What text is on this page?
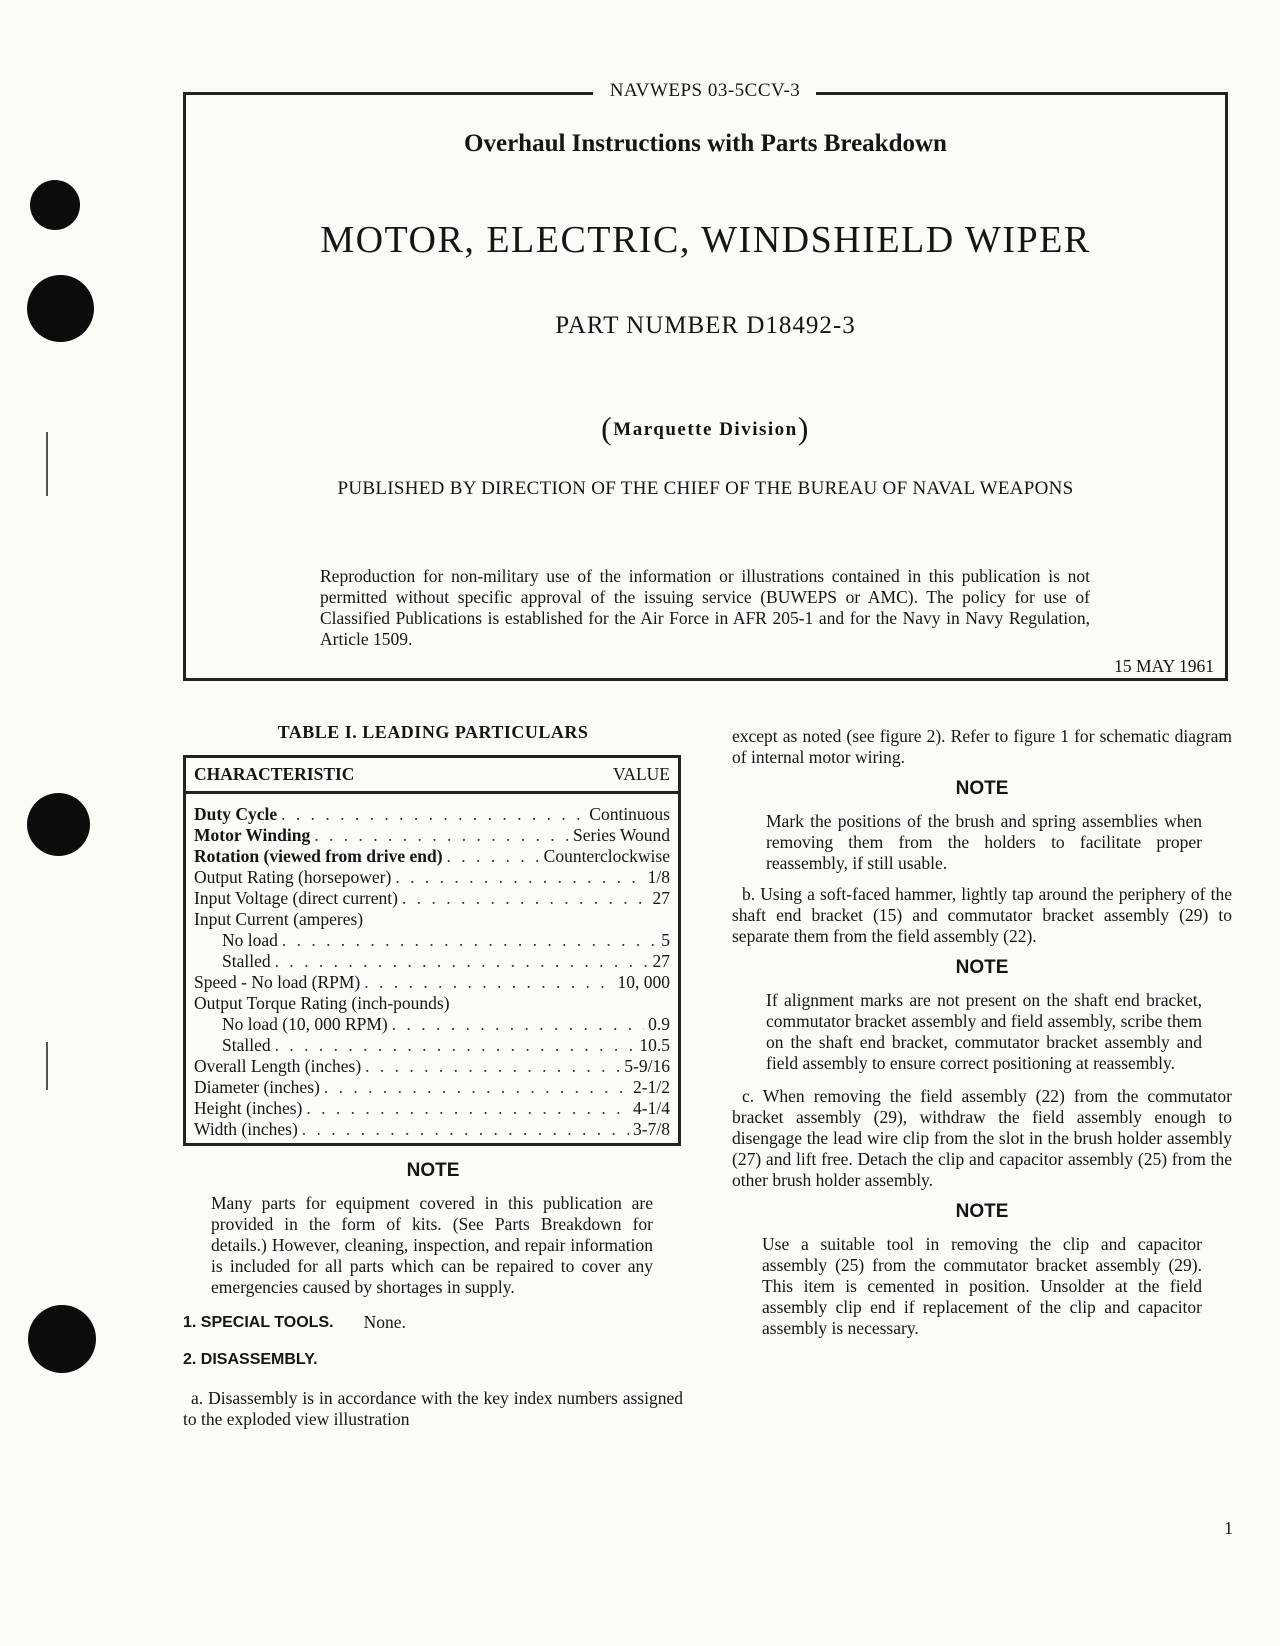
NAVWEPS 03-5CCV-3
Overhaul Instructions with Parts Breakdown
MOTOR, ELECTRIC, WINDSHIELD WIPER
PART NUMBER D18492-3
(Marquette Division)
PUBLISHED BY DIRECTION OF THE CHIEF OF THE BUREAU OF NAVAL WEAPONS
Reproduction for non-military use of the information or illustrations contained in this publication is not permitted without specific approval of the issuing service (BUWEPS or AMC). The policy for use of Classified Publications is established for the Air Force in AFR 205-1 and for the Navy in Navy Regulation, Article 1509.
15 MAY 1961
TABLE I. LEADING PARTICULARS
CHARACTERISTIC	VALUE
Duty Cycle . . .	Continuous
Motor Winding . . .	Series Wound
Rotation (viewed from drive end) . . .	Counterclockwise
Output Rating (horsepower) . . .	1/8
Input Voltage (direct current) . . .	27
Input Current (amperes)
No load . . .	5
Stalled . . .	27
Speed - No load (RPM) . . .	10, 000
Output Torque Rating (inch-pounds)
No load (10, 000 RPM) . . .	0.9
Stalled . . .	10.5
Overall Length (inches) . . .	5-9/16
Diameter (inches) . . .	2-1/2
Height (inches) . . .	4-1/4
Width (inches) . . .	3-7/8
NOTE
Many parts for equipment covered in this publication are provided in the form of kits. (See Parts Breakdown for details.) However, cleaning, inspection, and repair information is included for all parts which can be repaired to cover any emergencies caused by shortages in supply.
1. SPECIAL TOOLS. None.
2. DISASSEMBLY.
a. Disassembly is in accordance with the key index numbers assigned to the exploded view illustration
except as noted (see figure 2). Refer to figure 1 for schematic diagram of internal motor wiring.
NOTE
Mark the positions of the brush and spring assemblies when removing them from the holders to facilitate proper reassembly, if still usable.
b. Using a soft-faced hammer, lightly tap around the periphery of the shaft end bracket (15) and commutator bracket assembly (29) to separate them from the field assembly (22).
NOTE
If alignment marks are not present on the shaft end bracket, commutator bracket assembly and field assembly, scribe them on the shaft end bracket, commutator bracket assembly and field assembly to ensure correct positioning at reassembly.
c. When removing the field assembly (22) from the commutator bracket assembly (29), withdraw the field assembly enough to disengage the lead wire clip from the slot in the brush holder assembly (27) and lift free. Detach the clip and capacitor assembly (25) from the other brush holder assembly.
NOTE
Use a suitable tool in removing the clip and capacitor assembly (25) from the commutator bracket assembly (29). This item is cemented in position. Unsolder at the field assembly clip end if replacement of the clip and capacitor assembly is necessary.
1
